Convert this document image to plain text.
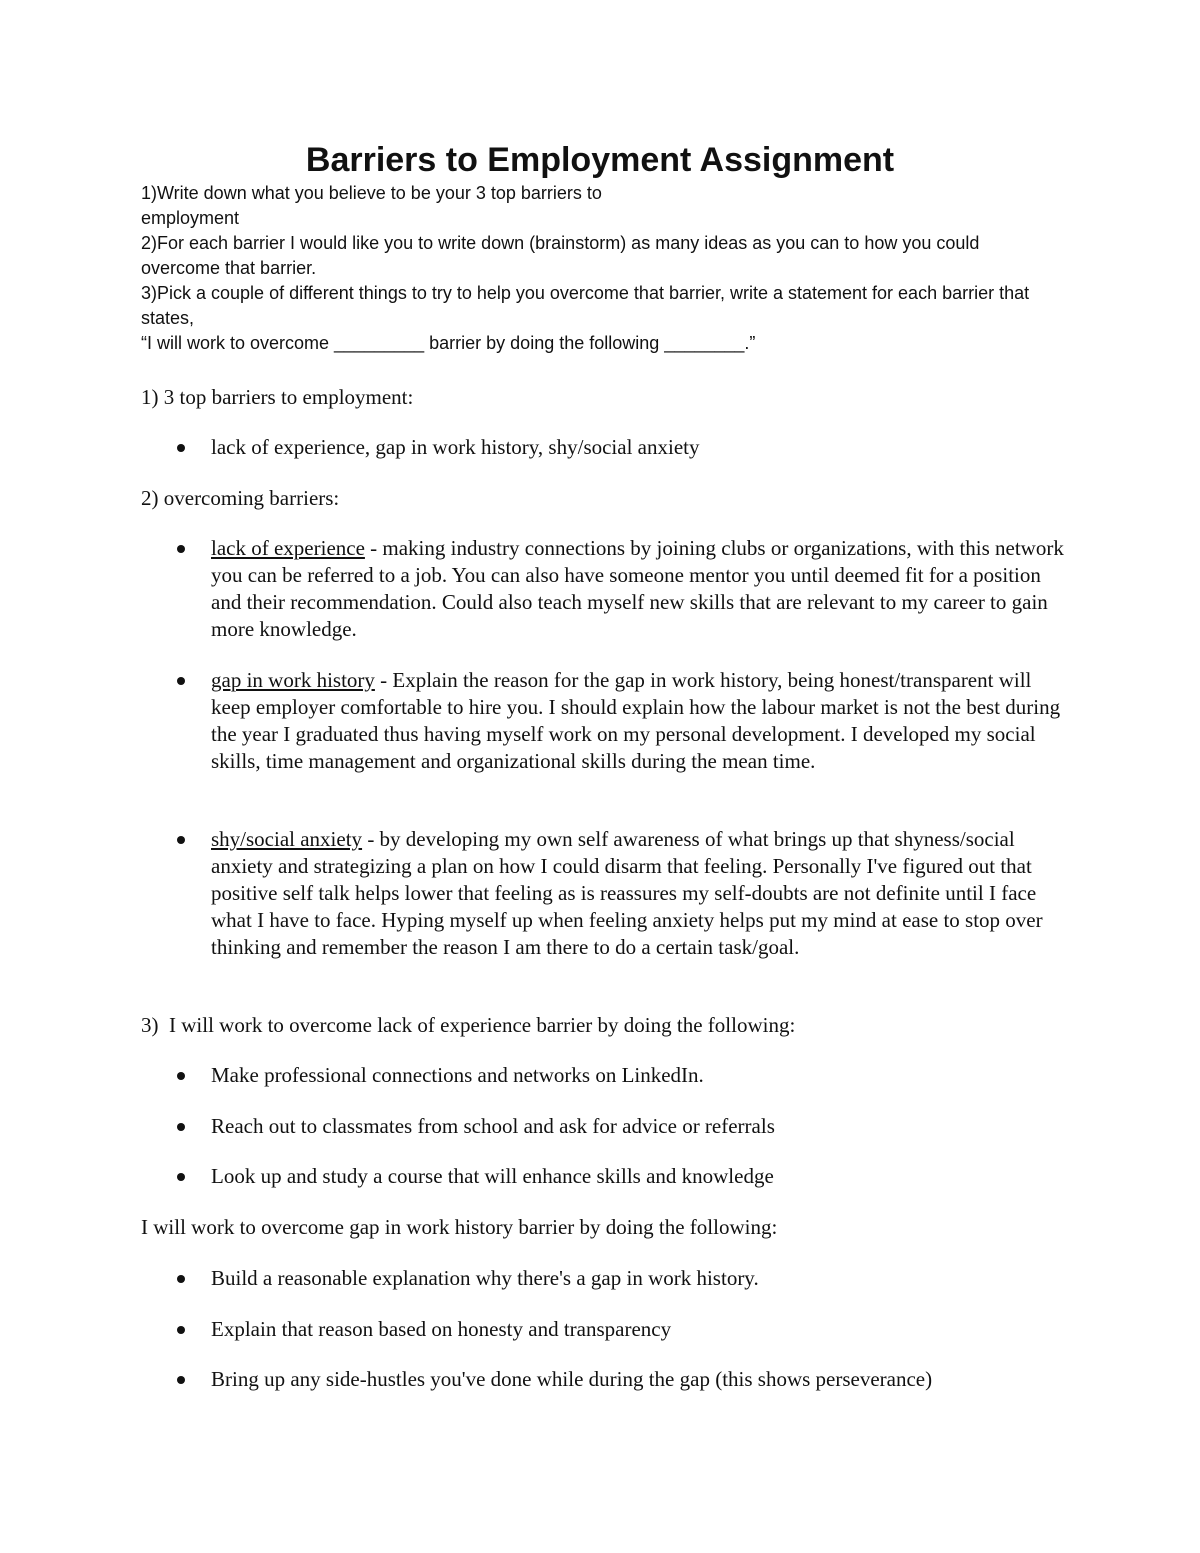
Barriers to Employment Assignment

1)Write down what you believe to be your 3 top barriers to

employment

2)For each barrier I would like you to write down (brainstorm) as many ideas as you can to how you could overcome that barrier.

3)Pick a couple of different things to try to help you overcome that barrier, write a statement for each barrier that states,

“I will work to overcome _________ barrier by doing the following ________.”

1) 3 top barriers to employment:

lack of experience, gap in work history, shy/social anxiety

2) overcoming barriers:

lack of experience - making industry connections by joining clubs or organizations, with this network you can be referred to a job. You can also have someone mentor you until deemed fit for a position and their recommendation. Could also teach myself new skills that are relevant to my career to gain more knowledge.

gap in work history - Explain the reason for the gap in work history, being honest/transparent will keep employer comfortable to hire you. I should explain how the labour market is not the best during the year I graduated thus having myself work on my personal development. I developed my social skills, time management and organizational skills during the mean time.

shy/social anxiety - by developing my own self awareness of what brings up that shyness/social anxiety and strategizing a plan on how I could disarm that feeling. Personally I've figured out that positive self talk helps lower that feeling as is reassures my self-doubts are not definite until I face what I have to face. Hyping myself up when feeling anxiety helps put my mind at ease to stop over thinking and remember the reason I am there to do a certain task/goal.

3)  I will work to overcome lack of experience barrier by doing the following:

Make professional connections and networks on LinkedIn.

Reach out to classmates from school and ask for advice or referrals

Look up and study a course that will enhance skills and knowledge

I will work to overcome gap in work history barrier by doing the following:

Build a reasonable explanation why there's a gap in work history.

Explain that reason based on honesty and transparency

Bring up any side-hustles you've done while during the gap (this shows perseverance)
